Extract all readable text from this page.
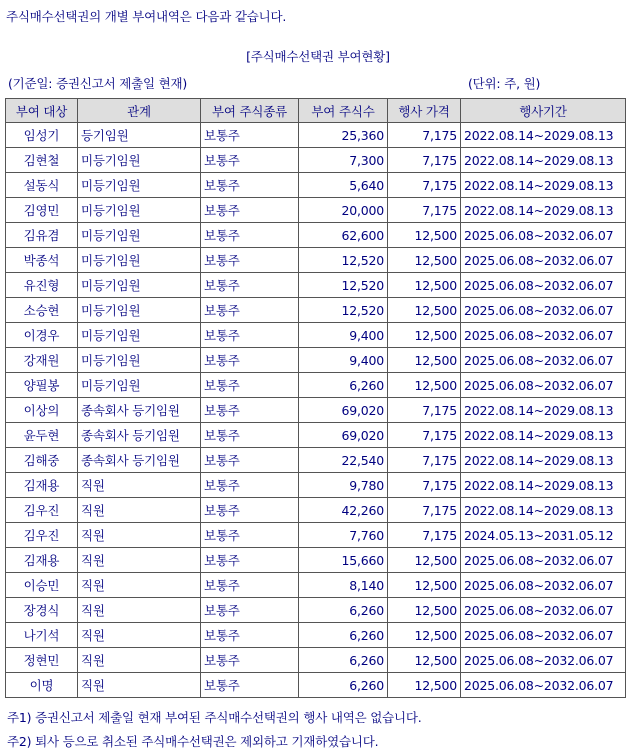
주식매수선택권의 개별 부여내역은 다음과 같습니다.
[주식매수선택권 부여현황]
(기준일: 증권신고서 제출일 현재)	(단위: 주, 원)
부여 대상	관계	부여 주식종류	부여 주식수	행사 가격	행사기간
임성기	등기임원	보통주	25,360	7,175	2022.08.14~2029.08.13
김현철	미등기임원	보통주	7,300	7,175	2022.08.14~2029.08.13
설동식	미등기임원	보통주	5,640	7,175	2022.08.14~2029.08.13
김영민	미등기임원	보통주	20,000	7,175	2022.08.14~2029.08.13
김유겸	미등기임원	보통주	62,600	12,500	2025.06.08~2032.06.07
박종석	미등기임원	보통주	12,520	12,500	2025.06.08~2032.06.07
유진형	미등기임원	보통주	12,520	12,500	2025.06.08~2032.06.07
소승현	미등기임원	보통주	12,520	12,500	2025.06.08~2032.06.07
이경우	미등기임원	보통주	9,400	12,500	2025.06.08~2032.06.07
강재원	미등기임원	보통주	9,400	12,500	2025.06.08~2032.06.07
양필봉	미등기임원	보통주	6,260	12,500	2025.06.08~2032.06.07
이상의	종속회사 등기임원	보통주	69,020	7,175	2022.08.14~2029.08.13
윤두현	종속회사 등기임원	보통주	69,020	7,175	2022.08.14~2029.08.13
김해중	종속회사 등기임원	보통주	22,540	7,175	2022.08.14~2029.08.13
김재용	직원	보통주	9,780	7,175	2022.08.14~2029.08.13
김우진	직원	보통주	42,260	7,175	2022.08.14~2029.08.13
김우진	직원	보통주	7,760	7,175	2024.05.13~2031.05.12
김재용	직원	보통주	15,660	12,500	2025.06.08~2032.06.07
이승민	직원	보통주	8,140	12,500	2025.06.08~2032.06.07
장경식	직원	보통주	6,260	12,500	2025.06.08~2032.06.07
나기석	직원	보통주	6,260	12,500	2025.06.08~2032.06.07
정현민	직원	보통주	6,260	12,500	2025.06.08~2032.06.07
이명	직원	보통주	6,260	12,500	2025.06.08~2032.06.07
주1) 증권신고서 제출일 현재 부여된 주식매수선택권의 행사 내역은 없습니다.
주2) 퇴사 등으로 취소된 주식매수선택권은 제외하고 기재하였습니다.
